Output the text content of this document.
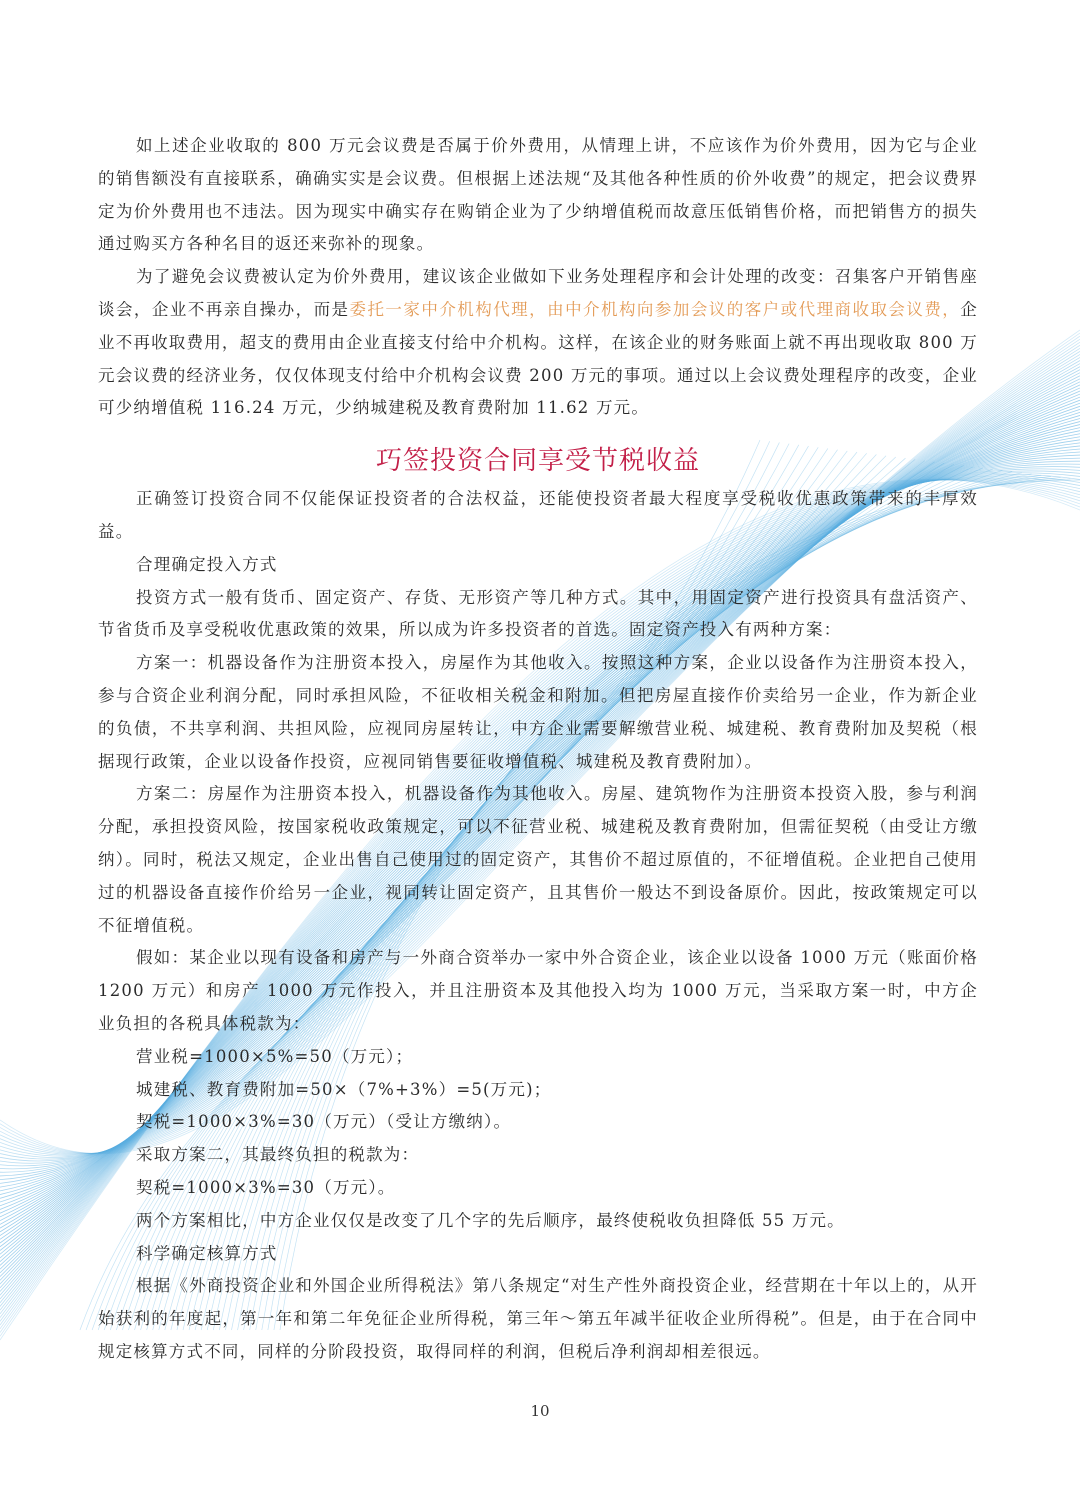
如上述企业收取的 800 万元会议费是否属于价外费用，从情理上讲，不应该作为价外费用，因为它与企业的销售额没有直接联系，确确实实是会议费。但根据上述法规“及其他各种性质的价外收费”的规定，把会议费界定为价外费用也不违法。因为现实中确实存在购销企业为了少纳增值税而故意压低销售价格，而把销售方的损失通过购买方各种名目的返还来弥补的现象。

为了避免会议费被认定为价外费用，建议该企业做如下业务处理程序和会计处理的改变：召集客户开销售座谈会，企业不再亲自操办，而是委托一家中介机构代理，由中介机构向参加会议的客户或代理商收取会议费，企业不再收取费用，超支的费用由企业直接支付给中介机构。这样，在该企业的财务账面上就不再出现收取 800 万元会议费的经济业务，仅仅体现支付给中介机构会议费 200 万元的事项。通过以上会议费处理程序的改变，企业可少纳增值税 116.24 万元，少纳城建税及教育费附加 11.62 万元。

巧签投资合同享受节税收益

正确签订投资合同不仅能保证投资者的合法权益，还能使投资者最大程度享受税收优惠政策带来的丰厚效益。

合理确定投入方式

投资方式一般有货币、固定资产、存货、无形资产等几种方式。其中，用固定资产进行投资具有盘活资产、节省货币及享受税收优惠政策的效果，所以成为许多投资者的首选。固定资产投入有两种方案：

方案一：机器设备作为注册资本投入，房屋作为其他收入。按照这种方案，企业以设备作为注册资本投入，参与合资企业利润分配，同时承担风险，不征收相关税金和附加。但把房屋直接作价卖给另一企业，作为新企业的负债，不共享利润、共担风险，应视同房屋转让，中方企业需要解缴营业税、城建税、教育费附加及契税（根据现行政策，企业以设备作投资，应视同销售要征收增值税、城建税及教育费附加）。

方案二：房屋作为注册资本投入，机器设备作为其他收入。房屋、建筑物作为注册资本投资入股，参与利润分配，承担投资风险，按国家税收政策规定，可以不征营业税、城建税及教育费附加，但需征契税（由受让方缴纳）。同时，税法又规定，企业出售自己使用过的固定资产，其售价不超过原值的，不征增值税。企业把自己使用过的机器设备直接作价给另一企业，视同转让固定资产，且其售价一般达不到设备原价。因此，按政策规定可以不征增值税。

假如：某企业以现有设备和房产与一外商合资举办一家中外合资企业，该企业以设备 1000 万元（账面价格 1200 万元）和房产 1000 万元作投入，并且注册资本及其他投入均为 1000 万元，当采取方案一时，中方企业负担的各税具体税款为：

营业税=1000×5%=50（万元）；

城建税、教育费附加=50×（7%+3%）=5(万元)；

契税=1000×3%=30（万元）（受让方缴纳）。

采取方案二，其最终负担的税款为：

契税=1000×3%=30（万元）。

两个方案相比，中方企业仅仅是改变了几个字的先后顺序，最终使税收负担降低 55 万元。

科学确定核算方式

根据《外商投资企业和外国企业所得税法》第八条规定“对生产性外商投资企业，经营期在十年以上的，从开始获利的年度起，第一年和第二年免征企业所得税，第三年～第五年减半征收企业所得税”。但是，由于在合同中规定核算方式不同，同样的分阶段投资，取得同样的利润，但税后净利润却相差很远。

10
